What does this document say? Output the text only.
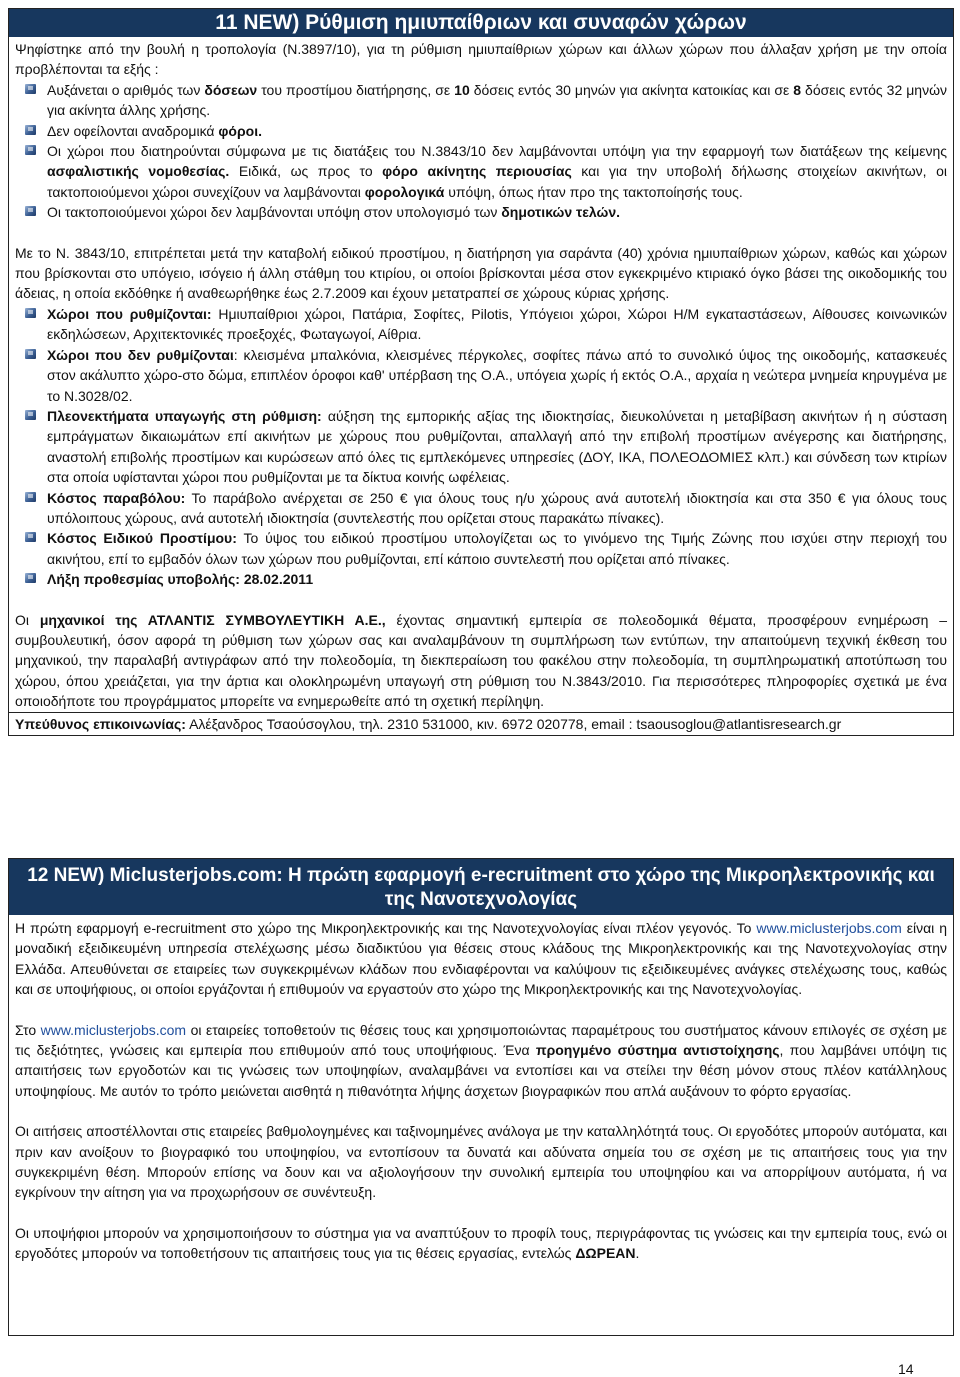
11 NEW) Ρύθμιση ημιυπαίθριων και συναφών χώρων

Ψηφίστηκε από την βουλή η τροπολογία (Ν.3897/10), για τη ρύθμιση ημιυπαίθριων χώρων και άλλων χώρων που άλλαξαν χρήση με την οποία προβλέπονται τα εξής :

Αυξάνεται ο αριθμός των δόσεων του προστίμου διατήρησης, σε 10 δόσεις εντός 30 μηνών για ακίνητα κατοικίας και σε 8 δόσεις εντός 32 μηνών για ακίνητα άλλης χρήσης.
Δεν οφείλονται αναδρομικά φόροι.
Οι χώροι που διατηρούνται σύμφωνα με τις διατάξεις του Ν.3843/10 δεν λαμβάνονται υπόψη για την εφαρμογή των διατάξεων της κείμενης ασφαλιστικής νομοθεσίας. Ειδικά, ως προς το φόρο ακίνητης περιουσίας και για την υποβολή δήλωσης στοιχείων ακινήτων, οι τακτοποιούμενοι χώροι συνεχίζουν να λαμβάνονται φορολογικά υπόψη, όπως ήταν προ της τακτοποίησής τους.
Οι τακτοποιούμενοι χώροι δεν λαμβάνονται υπόψη στον υπολογισμό των δημοτικών τελών.

Με το Ν. 3843/10, επιτρέπεται μετά την καταβολή ειδικού προστίμου, η διατήρηση για σαράντα (40) χρόνια ημιυπαίθριων χώρων, καθώς και χώρων που βρίσκονται στο υπόγειο, ισόγειο ή άλλη στάθμη του κτιρίου, οι οποίοι βρίσκονται μέσα στον εγκεκριμένο κτιριακό όγκο βάσει της οικοδομικής του άδειας, η οποία εκδόθηκε ή αναθεωρήθηκε έως 2.7.2009 και έχουν μετατραπεί σε χώρους κύριας χρήσης.

Χώροι που ρυθμίζονται: Ημιυπαίθριοι χώροι, Πατάρια, Σοφίτες, Pilotis, Υπόγειοι χώροι, Χώροι Η/Μ εγκαταστάσεων, Αίθουσες κοινωνικών εκδηλώσεων, Αρχιτεκτονικές προεξοχές, Φωταγωγοί, Αίθρια.
Χώροι που δεν ρυθμίζονται: κλεισμένα μπαλκόνια, κλεισμένες πέργκολες, σοφίτες πάνω από το συνολικό ύψος της οικοδομής, κατασκευές στον ακάλυπτο χώρο-στο δώμα, επιπλέον όροφοι καθ' υπέρβαση της Ο.Α., υπόγεια χωρίς ή εκτός Ο.Α., αρχαία η νεώτερα μνημεία κηρυγμένα με το Ν.3028/02.
Πλεονεκτήματα υπαγωγής στη ρύθμιση: αύξηση της εμπορικής αξίας της ιδιοκτησίας, διευκολύνεται η μεταβίβαση ακινήτων ή η σύσταση εμπράγματων δικαιωμάτων επί ακινήτων με χώρους που ρυθμίζονται, απαλλαγή από την επιβολή προστίμων ανέγερσης και διατήρησης, αναστολή επιβολής προστίμων και κυρώσεων από όλες τις εμπλεκόμενες υπηρεσίες (ΔΟΥ, ΙΚΑ, ΠΟΛΕΟΔΟΜΙΕΣ κλπ.) και σύνδεση των κτιρίων στα οποία υφίστανται χώροι που ρυθμίζονται με τα δίκτυα κοινής ωφέλειας.
Κόστος παραβόλου: Το παράβολο ανέρχεται σε 250 € για όλους τους η/υ χώρους ανά αυτοτελή ιδιοκτησία και στα 350 € για όλους τους υπόλοιπους χώρους, ανά αυτοτελή ιδιοκτησία (συντελεστής που ορίζεται στους παρακάτω πίνακες).
Κόστος Ειδικού Προστίμου: Το ύψος του ειδικού προστίμου υπολογίζεται ως το γινόμενο της Τιμής Ζώνης που ισχύει στην περιοχή του ακινήτου, επί το εμβαδόν όλων των χώρων που ρυθμίζονται, επί κάποιο συντελεστή που ορίζεται από πίνακες.
Λήξη προθεσμίας υποβολής: 28.02.2011

Οι μηχανικοί της ΑΤΛΑΝΤΙΣ ΣΥΜΒΟΥΛΕΥΤΙΚΗ Α.Ε., έχοντας σημαντική εμπειρία σε πολεοδομικά θέματα, προσφέρουν ενημέρωση – συμβουλευτική, όσον αφορά τη ρύθμιση των χώρων σας και αναλαμβάνουν τη συμπλήρωση των εντύπων, την απαιτούμενη τεχνική έκθεση του μηχανικού, την παραλαβή αντιγράφων από την πολεοδομία, τη διεκπεραίωση του φακέλου στην πολεοδομία, τη συμπληρωματική αποτύπωση του χώρου, όπου χρειάζεται, για την άρτια και ολοκληρωμένη υπαγωγή στη ρύθμιση του Ν.3843/2010. Για περισσότερες πληροφορίες σχετικά με ένα οποιοδήποτε του προγράμματος μπορείτε να ενημερωθείτε από τη σχετική περίληψη.

Υπεύθυνος επικοινωνίας: Αλέξανδρος Τσαούσογλου, τηλ. 2310 531000, κιν. 6972 020778, email : tsaousoglou@atlantisresearch.gr
12 NEW) Miclusterjobs.com: Η πρώτη εφαρμογή e-recruitment στο χώρο της Μικροηλεκτρονικής και της Νανοτεχνολογίας

Η πρώτη εφαρμογή e-recruitment στο χώρο της Μικροηλεκτρονικής και της Νανοτεχνολογίας είναι πλέον γεγονός. Το www.miclusterjobs.com είναι η μοναδική εξειδικευμένη υπηρεσία στελέχωσης μέσω διαδικτύου για θέσεις στους κλάδους της Μικροηλεκτρονικής και της Νανοτεχνολογίας στην Ελλάδα. Απευθύνεται σε εταιρείες των συγκεκριμένων κλάδων που ενδιαφέρονται να καλύψουν τις εξειδικευμένες ανάγκες στελέχωσης τους, καθώς και σε υποψήφιους, οι οποίοι εργάζονται ή επιθυμούν να εργαστούν στο χώρο της Μικροηλεκτρονικής και της Νανοτεχνολογίας.

Στο www.miclusterjobs.com οι εταιρείες τοποθετούν τις θέσεις τους και χρησιμοποιώντας παραμέτρους του συστήματος κάνουν επιλογές σε σχέση με τις δεξιότητες, γνώσεις και εμπειρία που επιθυμούν από τους υποψήφιους. Ένα προηγμένο σύστημα αντιστοίχησης, που λαμβάνει υπόψη τις απαιτήσεις των εργοδοτών και τις γνώσεις των υποψηφίων, αναλαμβάνει να εντοπίσει και να στείλει την θέση μόνον στους πλέον κατάλληλους υποψηφίους. Με αυτόν το τρόπο μειώνεται αισθητά η πιθανότητα λήψης άσχετων βιογραφικών που απλά αυξάνουν το φόρτο εργασίας.

Οι αιτήσεις αποστέλλονται στις εταιρείες βαθμολογημένες και ταξινομημένες ανάλογα με την καταλληλότητά τους. Οι εργοδότες μπορούν αυτόματα, και πριν καν ανοίξουν το βιογραφικό του υποψηφίου, να εντοπίσουν τα δυνατά και αδύνατα σημεία του σε σχέση με τις απαιτήσεις τους για την συγκεκριμένη θέση. Μπορούν επίσης να δουν και να αξιολογήσουν την συνολική εμπειρία του υποψηφίου και να απορρίψουν αυτόματα, ή να εγκρίνουν την αίτηση για να προχωρήσουν σε συνέντευξη.

Οι υποψήφιοι μπορούν να χρησιμοποιήσουν το σύστημα για να αναπτύξουν το προφίλ τους, περιγράφοντας τις γνώσεις και την εμπειρία τους, ενώ οι εργοδότες μπορούν να τοποθετήσουν τις απαιτήσεις τους για τις θέσεις εργασίας, εντελώς ΔΩΡΕΑΝ.

14
